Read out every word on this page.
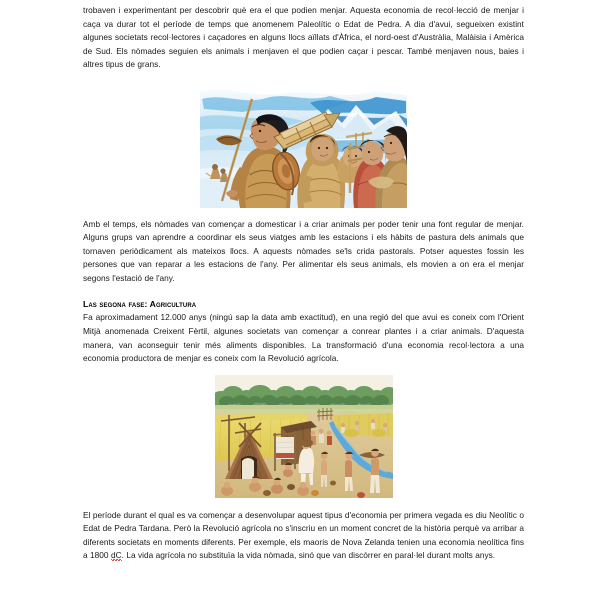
trobaven i experimentant per descobrir què era el que podien menjar. Aquesta economia de recol·lecció de menjar i caça va durar tot el període de temps que anomenem Paleolític o Edat de Pedra. A dia d'avui, segueixen existint algunes societats recol·lectores i caçadores en alguns llocs aïllats d'Àfrica, el nord-oest d'Austràlia, Malàisia i Amèrica de Sud. Els nòmades seguien els animals i menjaven el que podien caçar i pescar. També menjaven nous, baies i altres tipus de grans.

Amb el temps, els nòmades van començar a domesticar i a criar animals per poder tenir una font regular de menjar. Alguns grups van aprendre a coordinar els seus viatges amb les estacions i els hàbits de pastura dels animals que tornaven periòdicament als mateixos llocs. A aquests nòmades se'ls crida pastorals. Potser aquestes fossin les persones que van reparar a les estacions de l'any. Per alimentar els seus animals, els movien a on era el menjar segons l'estació de l'any.

Las segona fase: Agricultura

Fa aproximadament 12.000 anys (ningú sap la data amb exactitud), en una regió del que avui es coneix com l'Orient Mitjà anomenada Creixent Fèrtil, algunes societats van començar a conrear plantes i a criar animals. D'aquesta manera, van aconseguir tenir més aliments disponibles. La transformació d'una economia recol·lectora a una economia productora de menjar es coneix com la Revolució agrícola.

El període durant el qual es va començar a desenvolupar aquest tipus d'economia per primera vegada es diu Neolític o Edat de Pedra Tardana. Però la Revolució agrícola no s'inscriu en un moment concret de la història perquè va arribar a diferents societats en moments diferents. Per exemple, els maoris de Nova Zelanda tenien una economia neolítica fins a 1800 dC. La vida agrícola no substituïa la vida nòmada, sinó que van discórrer en paral·lel durant molts anys.
